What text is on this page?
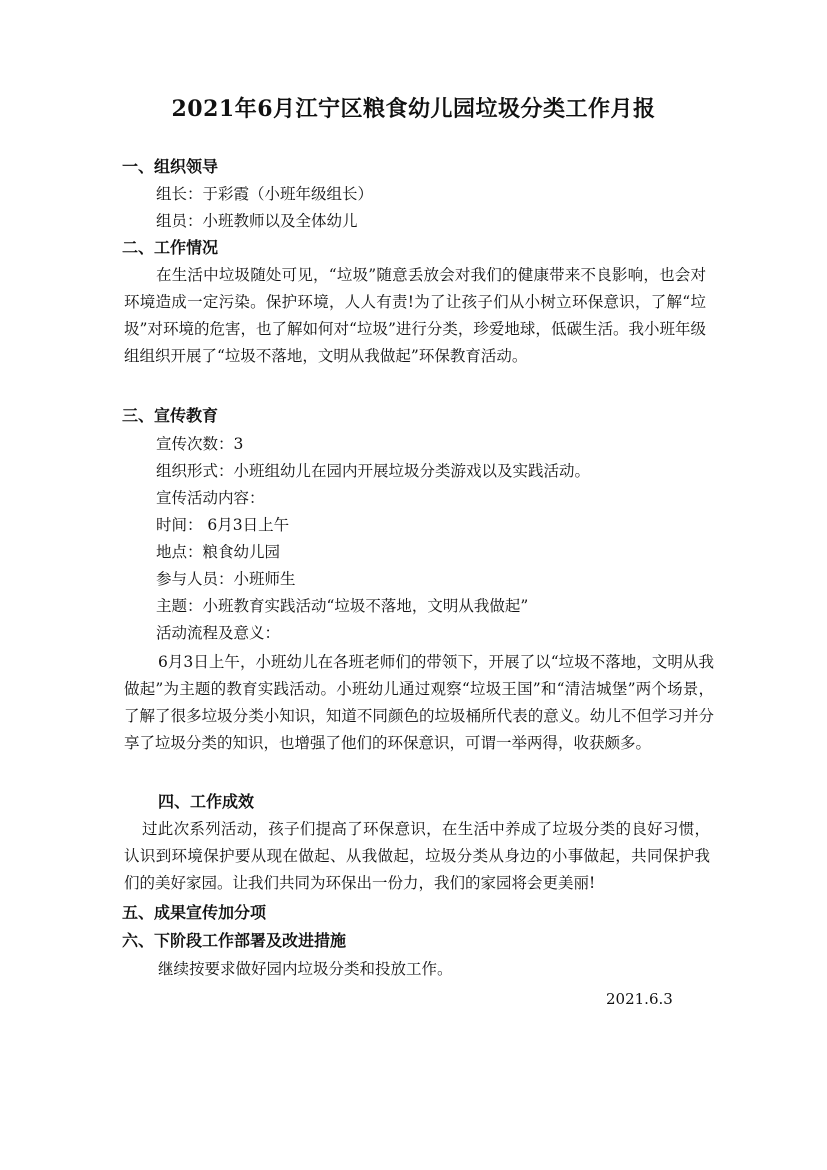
2021年6月江宁区粮食幼儿园垃圾分类工作月报
一、组织领导
组长：于彩霞（小班年级组长）
组员：小班教师以及全体幼儿
二、工作情况
在生活中垃圾随处可见，“垃圾”随意丢放会对我们的健康带来不良影响，也会对环境造成一定污染。保护环境，人人有责!为了让孩子们从小树立环保意识，了解“垃圾”对环境的危害，也了解如何对“垃圾”进行分类，珍爱地球，低碳生活。我小班年级组组织开展了“垃圾不落地，文明从我做起”环保教育活动。
三、宣传教育
宣传次数：3
组织形式：小班组幼儿在园内开展垃圾分类游戏以及实践活动。
宣传活动内容：
时间： 6月3日上午
地点：粮食幼儿园
参与人员：小班师生
主题：小班教育实践活动“垃圾不落地，文明从我做起”
活动流程及意义：
6月3日上午，小班幼儿在各班老师们的带领下，开展了以“垃圾不落地，文明从我做起”为主题的教育实践活动。小班幼儿通过观察“垃圾王国”和“清洁城堡”两个场景，了解了很多垃圾分类小知识，知道不同颜色的垃圾桶所代表的意义。幼儿不但学习并分享了垃圾分类的知识，也增强了他们的环保意识，可谓一举两得，收获颇多。
四、工作成效
过此次系列活动，孩子们提高了环保意识，在生活中养成了垃圾分类的良好习惯，认识到环境保护要从现在做起、从我做起，垃圾分类从身边的小事做起，共同保护我们的美好家园。让我们共同为环保出一份力，我们的家园将会更美丽!
五、成果宣传加分项
六、下阶段工作部署及改进措施
继续按要求做好园内垃圾分类和投放工作。
2021.6.3
